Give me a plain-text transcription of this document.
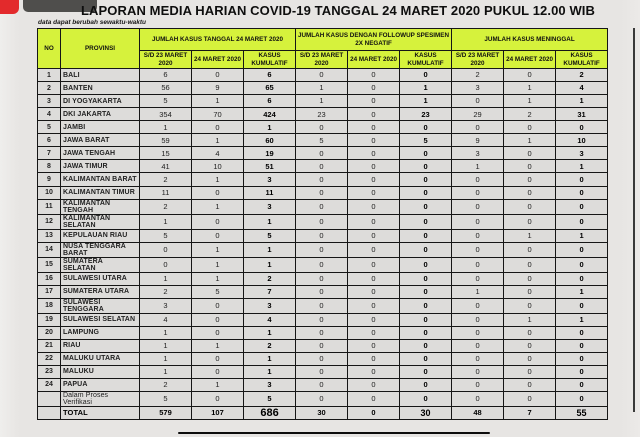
LAPORAN MEDIA HARIAN COVID-19 TANGGAL 24 MARET 2020 PUKUL 12.00 WIB
data dapat berubah sewaktu-waktu
NO	PROVINSI	JUMLAH KASUS TANGGAL 24 MARET 2020			JUMLAH KASUS DENGAN FOLLOWUP SPESIMEN 2X NEGATIF			JUMLAH KASUS MENINGGAL		
		S/D 23 MARET 2020	24 MARET 2020	KASUS KUMULATIF	S/D 23 MARET 2020	24 MARET 2020	KASUS KUMULATIF	S/D 23 MARET 2020	24 MARET 2020	KASUS KUMULATIF
1	BALI	6	0	6	0	0	0	2	0	2
2	BANTEN	56	9	65	1	0	1	3	1	4
3	DI YOGYAKARTA	5	1	6	1	0	1	0	1	1
4	DKI JAKARTA	354	70	424	23	0	23	29	2	31
5	JAMBI	1	0	1	0	0	0	0	0	0
6	JAWA BARAT	59	1	60	5	0	5	9	1	10
7	JAWA TENGAH	15	4	19	0	0	0	3	0	3
8	JAWA TIMUR	41	10	51	0	0	0	1	0	1
9	KALIMANTAN BARAT	2	1	3	0	0	0	0	0	0
10	KALIMANTAN TIMUR	11	0	11	0	0	0	0	0	0
11	KALIMANTAN TENGAH	2	1	3	0	0	0	0	0	0
12	KALIMANTAN SELATAN	1	0	1	0	0	0	0	0	0
13	KEPULAUAN RIAU	5	0	5	0	0	0	0	1	1
14	NUSA TENGGARA BARAT	0	1	1	0	0	0	0	0	0
15	SUMATERA SELATAN	0	1	1	0	0	0	0	0	0
16	SULAWESI UTARA	1	1	2	0	0	0	0	0	0
17	SUMATERA UTARA	2	5	7	0	0	0	1	0	1
18	SULAWESI TENGGARA	3	0	3	0	0	0	0	0	0
19	SULAWESI SELATAN	4	0	4	0	0	0	0	1	1
20	LAMPUNG	1	0	1	0	0	0	0	0	0
21	RIAU	1	1	2	0	0	0	0	0	0
22	MALUKU UTARA	1	0	1	0	0	0	0	0	0
23	MALUKU	1	0	1	0	0	0	0	0	0
24	PAPUA	2	1	3	0	0	0	0	0	0
	Dalam Proses Verifikasi	5	0	5	0	0	0	0	0	0
	TOTAL	579	107	686	30	0	30	48	7	55
